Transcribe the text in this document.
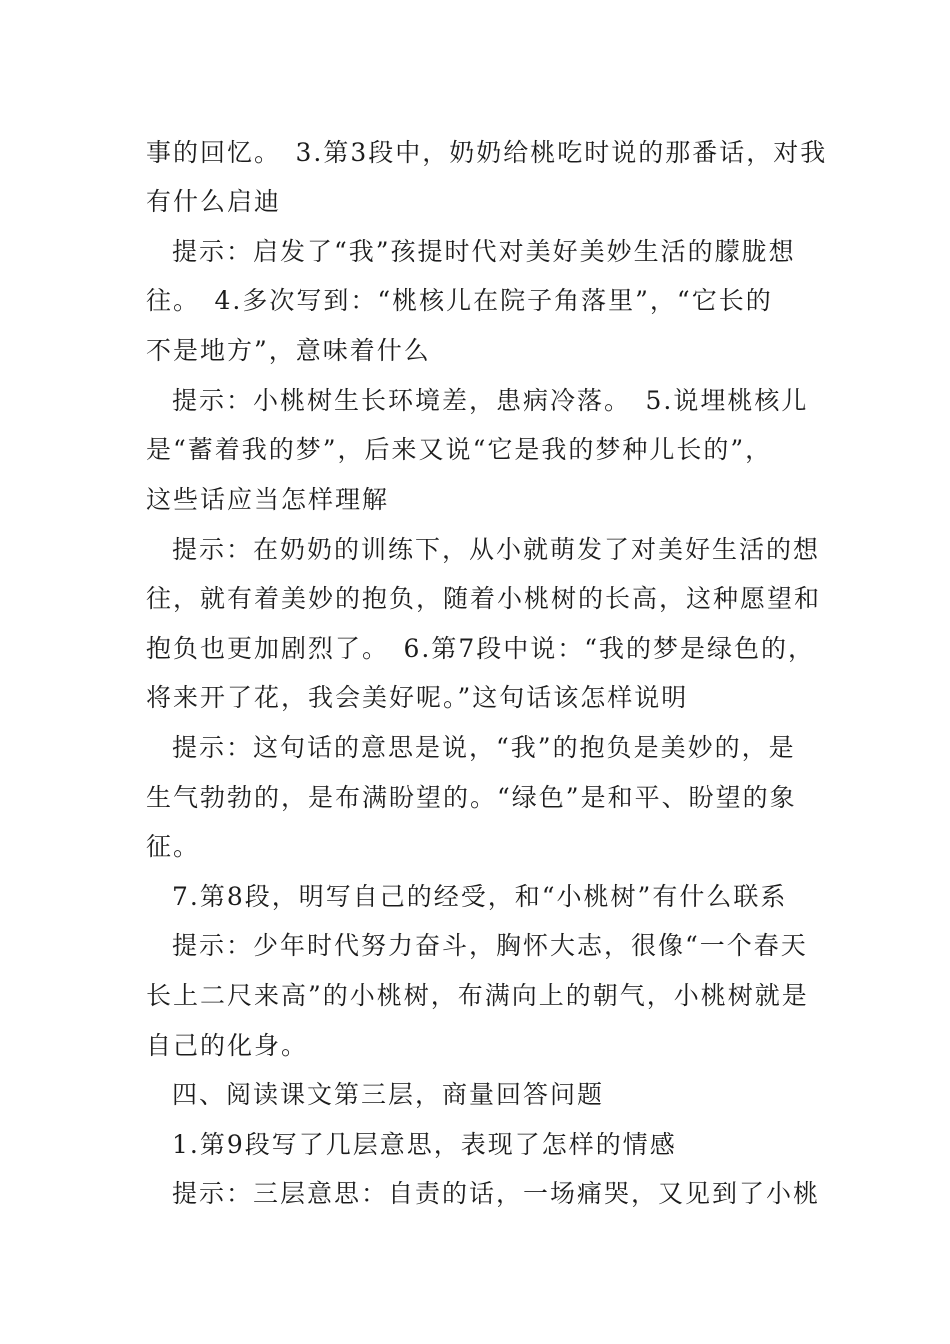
事的回忆。　3.第3段中，奶奶给桃吃时说的那番话，对我
有什么启迪
提示：启发了“我”孩提时代对美好美妙生活的朦胧想
往。　4.多次写到：“桃核儿在院子角落里”，“它长的
不是地方”，意味着什么
提示：小桃树生长环境差，患病冷落。　5.说埋桃核儿
是“蓄着我的梦”，后来又说“它是我的梦种儿长的”，
这些话应当怎样理解
提示：在奶奶的训练下，从小就萌发了对美好生活的想
往，就有着美妙的抱负，随着小桃树的长高，这种愿望和
抱负也更加剧烈了。　6.第7段中说：“我的梦是绿色的，
将来开了花，我会美好呢。”这句话该怎样说明
提示：这句话的意思是说，“我”的抱负是美妙的，是
生气勃勃的，是布满盼望的。“绿色”是和平、盼望的象
征。
7.第8段，明写自己的经受，和“小桃树”有什么联系
提示：少年时代努力奋斗，胸怀大志，很像“一个春天
长上二尺来高”的小桃树，布满向上的朝气，小桃树就是
自己的化身。
四、阅读课文第三层，商量回答问题
1.第9段写了几层意思，表现了怎样的情感
提示：三层意思：自责的话，一场痛哭，又见到了小桃
